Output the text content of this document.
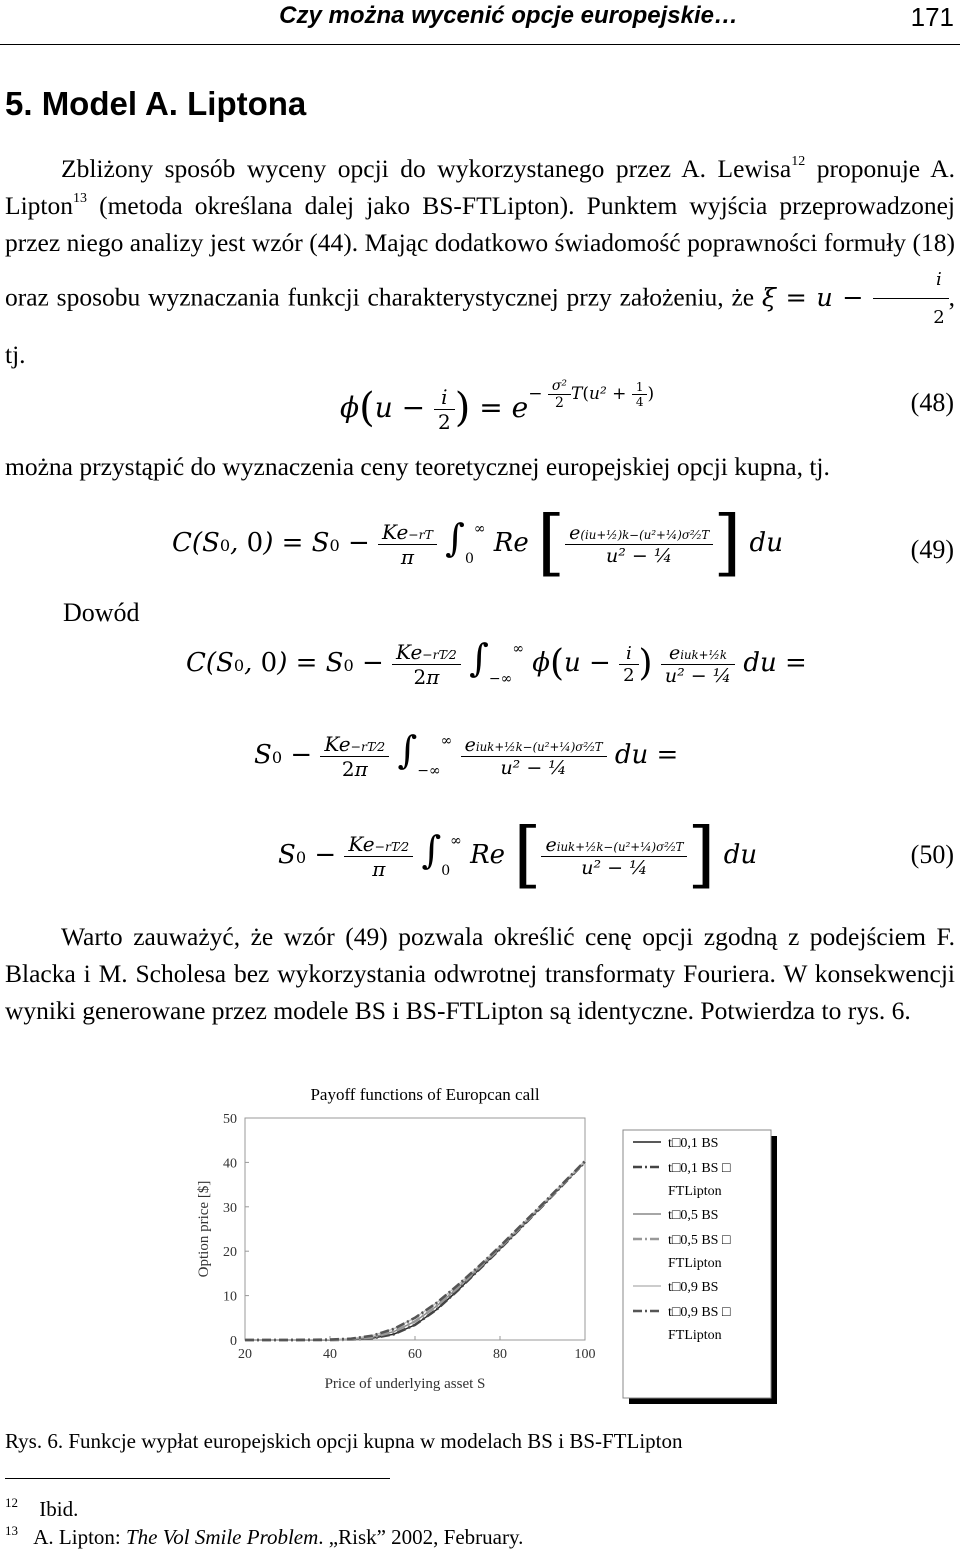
Czy można wycenić opcje europejskie…	171
5. Model A. Liptona
Zbliżony sposób wyceny opcji do wykorzystanego przez A. Lewisa$^{12}$ proponuje A. Lipton$^{13}$ (metoda określana dalej jako BS-FTLipton). Punktem wyjścia przeprowadzonej przez niego analizy jest wzór (44). Mając dodatkowo świadomość poprawności formuły (18) oraz sposobu wyznaczania funkcji charakterystycznej przy założeniu, że $\xi = u - \frac{i}{2}$ , tj.
$\phi(u - \frac{i}{2}$ ) = $e^{- \frac{\text{σ²}}{2} T(u^2 + \frac{1}{4} )}$	(48)
można przystąpić do wyznaczenia ceny teoretycznej europejskiej opcji kupna, tj.
C(S0, $0) = S0 - \frac{Ke-rT}{\pi} \int_0^\infty$ Re [ $\frac{\text{e(iu+½)k−(u²+¼)σ²⁄₂T}}{\text{u² − ¼}}$ ] du	(49)
Dowód
C(S0, $0) = S0 - \frac{Ke-rT⁄2}{2\pi} \int_{-\infty}^\infty$ $\phi(u - \frac{i}{2}$ ) $\frac{\text{eiuk+½k}}{\text{u² − ¼}}$ du =
$S0 - \frac{Ke-rT⁄2}{2\pi} \int_{-\infty}^\infty \frac{\text{eiuk+½k−(u²+¼)σ²⁄₂T}}{\text{u² − ¼}}$ du =
$S0 - \frac{Ke-rT⁄2}{\pi} \int_0^\infty$ Re [ $\frac{\text{eiuk+½k−(u²+¼)σ²⁄₂T}}{\text{u² − ¼}}$ ] du	(50)
Warto zauważyć, że wzór (49) pozwala określić cenę opcji zgodną z podejściem F. Blacka i M. Scholesa bez wykorzystania odwrotnej transformaty Fouriera. W konsekwencji wyniki generowane przez modele BS i BS-FTLipton są identyczne. Potwierdza to rys. 6.
Payoff functions of Europcan call
20	40	60	80	100
0
10
20
30
40
50
Price of underlying asset S
Option price [$]
t□0,1 BS
t□0,1 BS □
FTLipton
t□0,5 BS
t□0,5 BS □
FTLipton
t□0,9 BS
t□0,9 BS □
FTLipton
Rys. 6. Funkcje wypłat europejskich opcji kupna w modelach BS i BS-FTLipton
$^{12}$ Ibid.
$^{13}$ A. Lipton: The Vol Smile Problem. „Risk” 2002, February.
